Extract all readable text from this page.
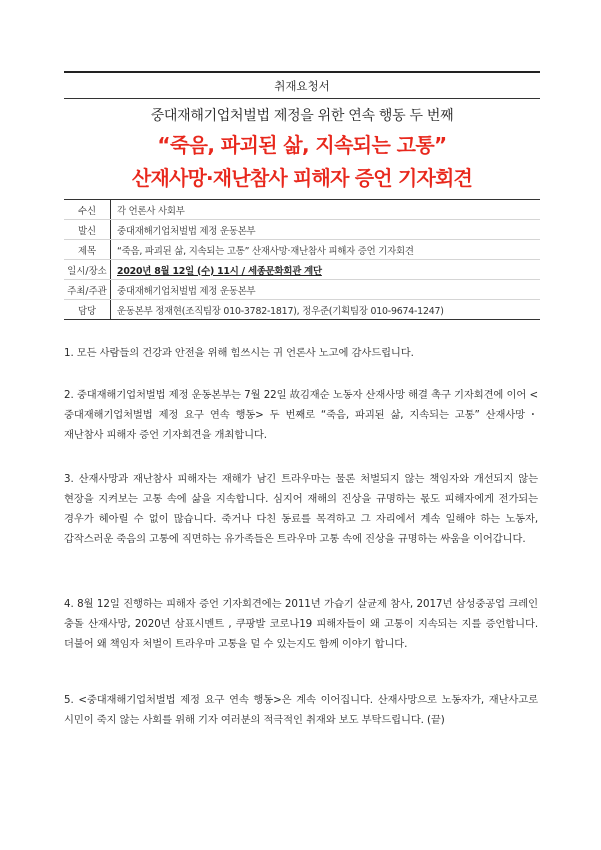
취재요청서
중대재해기업처벌법 제정을 위한 연속 행동 두 번째
“죽음, 파괴된 삶, 지속되는 고통”
산재사망·재난참사 피해자 증언 기자회견
수신	각 언론사 사회부
발신	중대재해기업처벌법 제정 운동본부
제목	“죽음, 파괴된 삶, 지속되는 고통” 산재사망·재난참사 피해자 증언 기자회견
일시/장소	2020년 8월 12일 (수) 11시 / 세종문화회관 계단
주최/주관	중대재해기업처벌법 제정 운동본부
담당	운동본부 정재현(조직팀장 010-3782-1817), 정우준(기획팀장 010-9674-1247)
1. 모든 사람들의 건강과 안전을 위해 힘쓰시는 귀 언론사 노고에 감사드립니다.
2. 중대재해기업처벌법 제정 운동본부는 7월 22일 故김재순 노동자 산재사망 해결 촉구 기자회견에 이어 <중대재해기업처벌법 제정 요구 연속 행동> 두 번째로 “죽음, 파괴된 삶, 지속되는 고통” 산재사망・재난참사 피해자 증언 기자회견을 개최합니다.
3. 산재사망과 재난참사 피해자는 재해가 남긴 트라우마는 물론 처벌되지 않는 책임자와 개선되지 않는 현장을 지켜보는 고통 속에 삶을 지속합니다. 심지어 재해의 진상을 규명하는 몫도 피해자에게 전가되는 경우가 헤아릴 수 없이 많습니다. 죽거나 다친 동료를 목격하고 그 자리에서 계속 일해야 하는 노동자, 갑작스러운 죽음의 고통에 직면하는 유가족들은 트라우마 고통 속에 진상을 규명하는 싸움을 이어갑니다.
4. 8월 12일 진행하는 피해자 증언 기자회견에는 2011년 가습기 살균제 참사, 2017년 삼성중공업 크레인 충돌 산재사망, 2020년 삼표시멘트 , 쿠팡발 코로나19 피해자들이 왜 고통이 지속되는 지를 증언합니다. 더불어 왜 책임자 처벌이 트라우마 고통을 덜 수 있는지도 함께 이야기 합니다.
5. <중대재해기업처벌법 제정 요구 연속 행동>은 계속 이어집니다. 산재사망으로 노동자가, 재난사고로 시민이 죽지 않는 사회를 위해 기자 여러분의 적극적인 취재와 보도 부탁드립니다. (끝)
